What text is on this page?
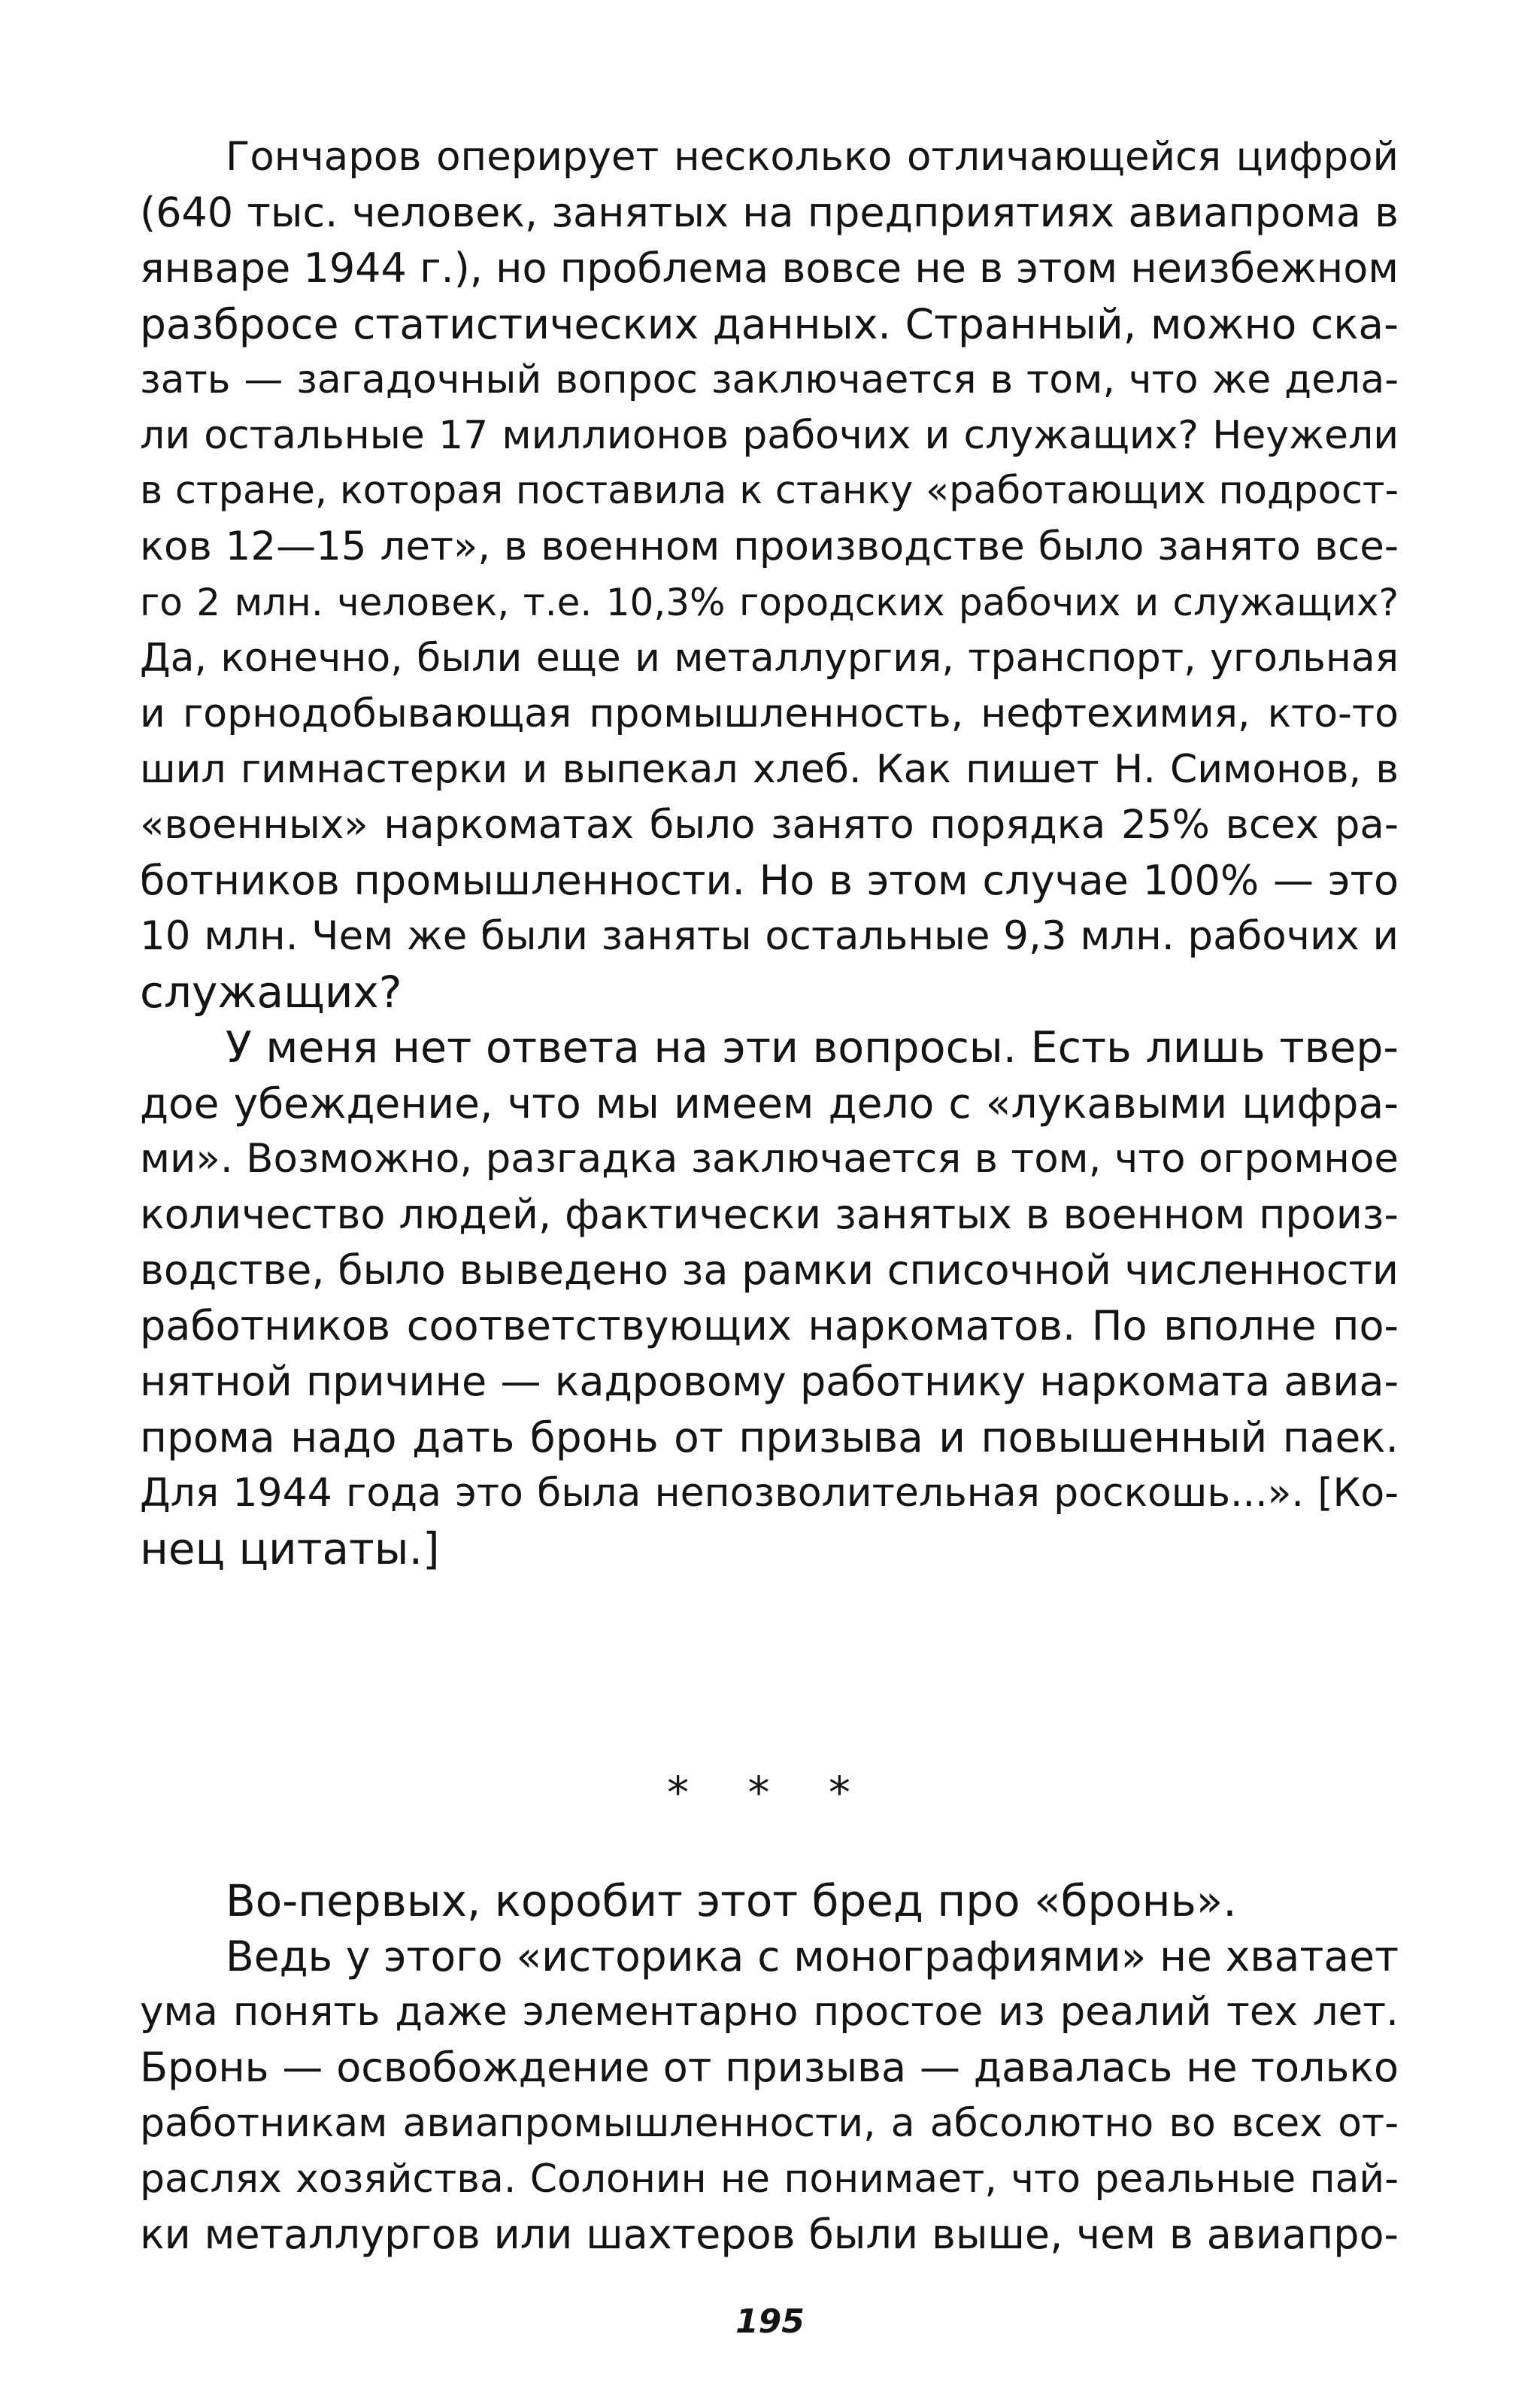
Гончаров оперирует несколько отличающейся цифрой
(640 тыс. человек, занятых на предприятиях авиапрома в
январе 1944 г.), но проблема вовсе не в этом неизбежном
разбросе статистических данных. Странный, можно ска-
зать — загадочный вопрос заключается в том, что же дела-
ли остальные 17 миллионов рабочих и служащих? Неужели
в стране, которая поставила к станку «работающих подрост-
ков 12—15 лет», в военном производстве было занято все-
го 2 млн. человек, т.е. 10,3% городских рабочих и служащих?
Да, конечно, были еще и металлургия, транспорт, угольная
и горнодобывающая промышленность, нефтехимия, кто-то
шил гимнастерки и выпекал хлеб. Как пишет Н. Симонов, в
«военных» наркоматах было занято порядка 25% всех ра-
ботников промышленности. Но в этом случае 100% — это
10 млн. Чем же были заняты остальные 9,3 млн. рабочих и
служащих?
У меня нет ответа на эти вопросы. Есть лишь твер-
дое убеждение, что мы имеем дело с «лукавыми цифра-
ми». Возможно, разгадка заключается в том, что огромное
количество людей, фактически занятых в военном произ-
водстве, было выведено за рамки списочной численности
работников соответствующих наркоматов. По вполне по-
нятной причине — кадровому работнику наркомата авиа-
прома надо дать бронь от призыва и повышенный паек.
Для 1944 года это была непозволительная роскошь...». [Ко-
нец цитаты.]
* * *
Во-первых, коробит этот бред про «бронь».
Ведь у этого «историка с монографиями» не хватает
ума понять даже элементарно простое из реалий тех лет.
Бронь — освобождение от призыва — давалась не только
работникам авиапромышленности, а абсолютно во всех от-
раслях хозяйства. Солонин не понимает, что реальные пай-
ки металлургов или шахтеров были выше, чем в авиапро-
195
